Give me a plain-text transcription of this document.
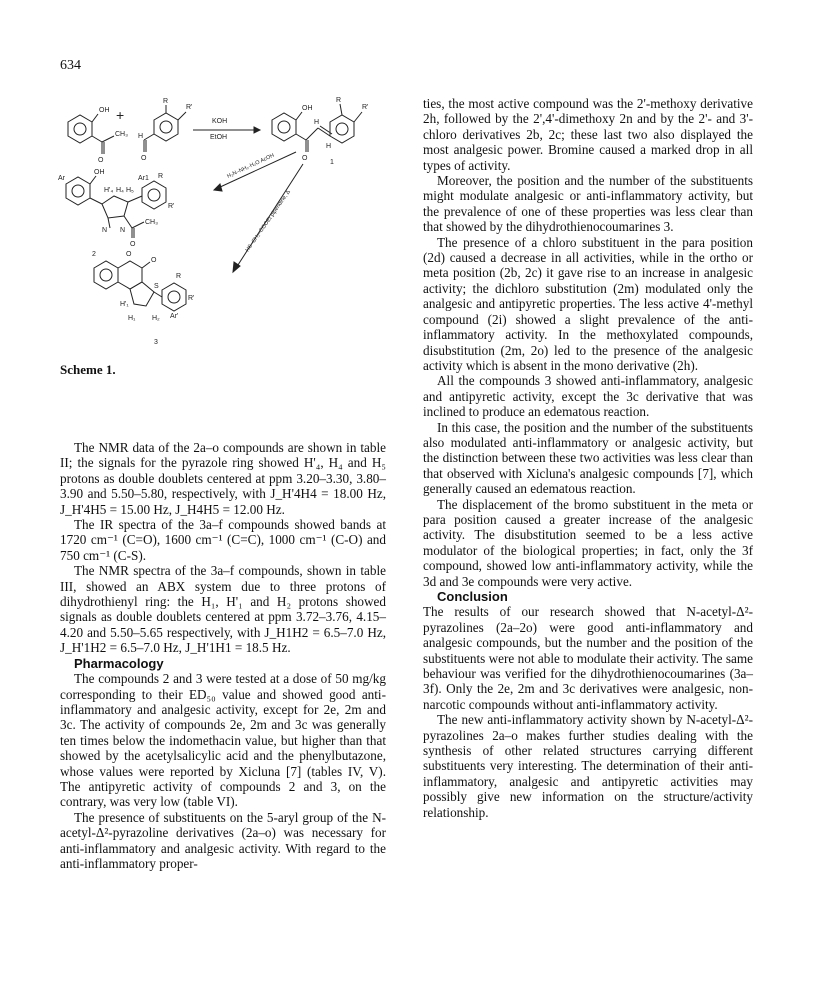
634
OH
O
CH₃
+
H
O
R
R'
KOH
EtOH
OH
O
H
H
R
R'
1
H₂N–NH₂·H₂O AcOH
OH
Ar
H'₄ H₄ H₅
Ar1 R
R'
N N
CH₃
O
2
HS–CH₂–COOEt piperidine, Δ
O
O
S
R
R'
Ar'
H'₁
H₁ H₂
3
Scheme 1.

The NMR data of the 2a–o compounds are shown in table II; the signals for the pyrazole ring showed H'₄, H₄ and H₅ protons as double doublets centered at ppm 3.20–3.30, 3.80–3.90 and 5.50–5.80, respectively, with J_H'4H4 = 18.00 Hz, J_H'4H5 = 15.00 Hz, J_H4H5 = 12.00 Hz.

The IR spectra of the 3a–f compounds showed bands at 1720 cm⁻¹ (C=O), 1600 cm⁻¹ (C=C), 1000 cm⁻¹ (C-O) and 750 cm⁻¹ (C-S).

The NMR spectra of the 3a–f compounds, shown in table III, showed an ABX system due to three protons of dihydrothienyl ring: the H₁, H'₁ and H₂ protons showed signals as double doublets centered at ppm 3.72–3.76, 4.15–4.20 and 5.50–5.65 respectively, with J_H1H2 = 6.5–7.0 Hz, J_H'1H2 = 6.5–7.0 Hz, J_H'1H1 = 18.5 Hz.

Pharmacology

The compounds 2 and 3 were tested at a dose of 50 mg/kg corresponding to their ED₅₀ value and showed good anti-inflammatory and analgesic activity, except for 2e, 2m and 3c. The activity of compounds 2e, 2m and 3c was generally ten times below the indomethacin value, but higher than that showed by the acetylsalicylic acid and the phenylbutazone, whose values were reported by Xicluna [7] (tables IV, V). The antipyretic activity of compounds 2 and 3, on the contrary, was very low (table VI).

The presence of substituents on the 5-aryl group of the N-acetyl-Δ²-pyrazoline derivatives (2a–o) was necessary for anti-inflammatory and analgesic activity. With regard to the anti-inflammatory proper-

ties, the most active compound was the 2'-methoxy derivative 2h, followed by the 2',4'-dimethoxy 2n and by the 2'- and 3'-chloro derivatives 2b, 2c; these last two also displayed the most analgesic power. Bromine caused a marked drop in all types of activity.

Moreover, the position and the number of the substituents might modulate analgesic or anti-inflammatory activity, but the prevalence of one of these properties was less clear than that showed by the dihydrothienocoumarines 3.

The presence of a chloro substituent in the para position (2d) caused a decrease in all activities, while in the ortho or meta position (2b, 2c) it gave rise to an increase in analgesic activity; the dichloro substitution (2m) modulated only the analgesic and antipyretic properties. The less active 4'-methyl compound (2i) showed a slight prevalence of the anti-inflammatory activity. In the methoxylated compounds, disubstitution (2m, 2o) led to the presence of the analgesic activity which is absent in the mono derivative (2h).

All the compounds 3 showed anti-inflammatory, analgesic and antipyretic activity, except the 3c derivative that was inclined to produce an edematous reaction.

In this case, the position and the number of the substituents also modulated anti-inflammatory or analgesic activity, but the distinction between these two activities was less clear than that observed with Xicluna's analgesic compounds [7], which generally caused an edematous reaction.

The displacement of the bromo substituent in the meta or para position caused a greater increase of the analgesic activity. The disubstitution seemed to be a less active modulator of the biological properties; in fact, only the 3f compound, showed low anti-inflammatory activity, while the 3d and 3e compounds were very active.

Conclusion

The results of our research showed that N-acetyl-Δ²-pyrazolines (2a–2o) were good anti-inflammatory and analgesic compounds, but the number and the position of the substituents were not able to modulate their activity. The same behaviour was verified for the dihydrothienocoumarines (3a–3f). Only the 2e, 2m and 3c derivatives were analgesic, non-narcotic compounds without anti-inflammatory activity.

The new anti-inflammatory activity shown by N-acetyl-Δ²-pyrazolines 2a–o makes further studies dealing with the synthesis of other related structures carrying different substituents very interesting. The determination of their anti-inflammatory, analgesic and antipyretic activities may possibly give new information on the structure/activity relationship.
